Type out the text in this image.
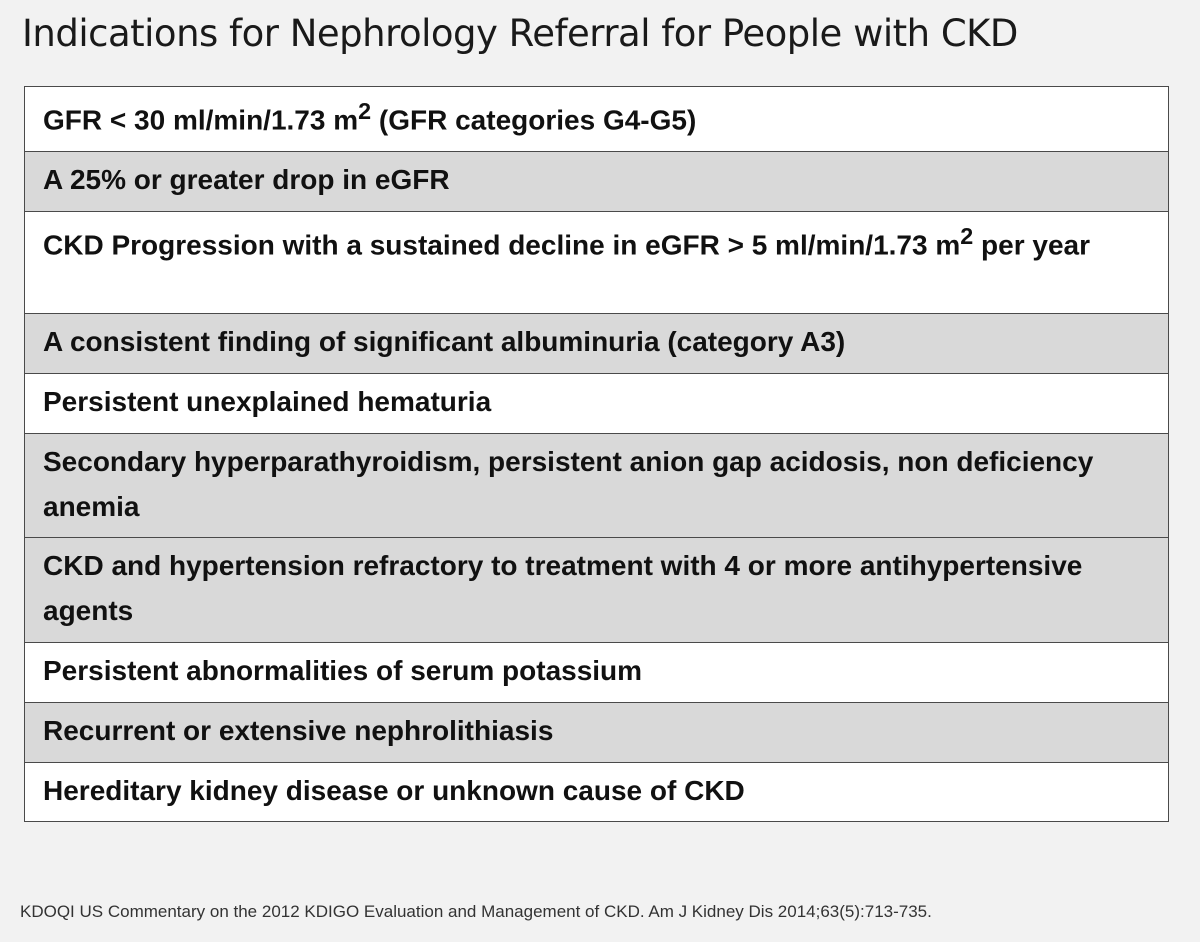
Indications for Nephrology Referral for People with CKD
GFR < 30 ml/min/1.73 $m^2$ (GFR categories G4-G5)
A 25% or greater drop in eGFR
CKD Progression with a sustained decline in eGFR > 5 ml/min/1.73 $m^2$ per year
A consistent finding of significant albuminuria (category A3)
Persistent unexplained hematuria
Secondary hyperparathyroidism, persistent anion gap acidosis, non deficiency anemia
CKD and hypertension refractory to treatment with 4 or more antihypertensive agents
Persistent abnormalities of serum potassium
Recurrent or extensive nephrolithiasis
Hereditary kidney disease or unknown cause of CKD

KDOQI US Commentary on the 2012 KDIGO Evaluation and Management of CKD. Am J Kidney Dis 2014;63(5):713-735.
